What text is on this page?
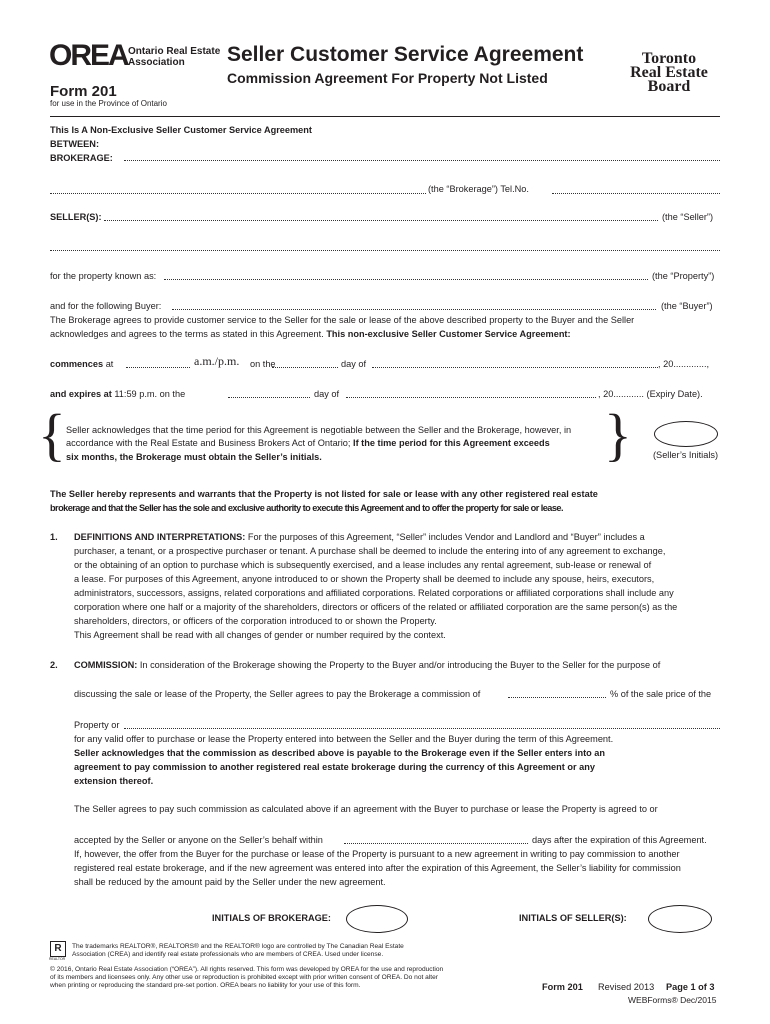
OREA Ontario Real Estate
Association
Form 201
for use in the Province of Ontario
Seller Customer Service Agreement
Commission Agreement For Property Not Listed
Toronto
Real Estate
Board
This Is A Non-Exclusive Seller Customer Service Agreement
BETWEEN:
BROKERAGE:
(the “Brokerage”) Tel.No.
SELLER(S):	(the “Seller”)
for the property known as:	(the “Property”)
and for the following Buyer:	(the “Buyer”)
The Brokerage agrees to provide customer service to the Seller for the sale or lease of the above described property to the Buyer and the Seller
acknowledges and agrees to the terms as stated in this Agreement. This non-exclusive Seller Customer Service Agreement:
commences at	a.m./p.m. on the	day of	, 20.............,
and expires at 11:59 p.m. on the	day of	, 20............ (Expiry Date).
{	}
Seller acknowledges that the time period for this Agreement is negotiable between the Seller and the Brokerage, however, in
accordance with the Real Estate and Business Brokers Act of Ontario; If the time period for this Agreement exceeds
six months, the Brokerage must obtain the Seller’s initials.	(Seller’s Initials)
The Seller hereby represents and warrants that the Property is not listed for sale or lease with any other registered real estate
brokerage and that the Seller has the sole and exclusive authority to execute this Agreement and to offer the property for sale or lease.
1. DEFINITIONS AND INTERPRETATIONS: For the purposes of this Agreement, “Seller” includes Vendor and Landlord and “Buyer” includes a
purchaser, a tenant, or a prospective purchaser or tenant. A purchase shall be deemed to include the entering into of any agreement to exchange,
or the obtaining of an option to purchase which is subsequently exercised, and a lease includes any rental agreement, sub-lease or renewal of
a lease. For purposes of this Agreement, anyone introduced to or shown the Property shall be deemed to include any spouse, heirs, executors,
administrators, successors, assigns, related corporations and affiliated corporations. Related corporations or affiliated corporations shall include any
corporation where one half or a majority of the shareholders, directors or officers of the related or affiliated corporation are the same person(s) as the
shareholders, directors, or officers of the corporation introduced to or shown the Property.
This Agreement shall be read with all changes of gender or number required by the context.
2. COMMISSION: In consideration of the Brokerage showing the Property to the Buyer and/or introducing the Buyer to the Seller for the purpose of
discussing the sale or lease of the Property, the Seller agrees to pay the Brokerage a commission of	% of the sale price of the
Property or
for any valid offer to purchase or lease the Property entered into between the Seller and the Buyer during the term of this Agreement.
Seller acknowledges that the commission as described above is payable to the Brokerage even if the Seller enters into an
agreement to pay commission to another registered real estate brokerage during the currency of this Agreement or any
extension thereof.
The Seller agrees to pay such commission as calculated above if an agreement with the Buyer to purchase or lease the Property is agreed to or
accepted by the Seller or anyone on the Seller’s behalf within	days after the expiration of this Agreement.
If, however, the offer from the Buyer for the purchase or lease of the Property is pursuant to a new agreement in writing to pay commission to another
registered real estate brokerage, and if the new agreement was entered into after the expiration of this Agreement, the Seller’s liability for commission
shall be reduced by the amount paid by the Seller under the new agreement.
INITIALS OF BROKERAGE:	INITIALS OF SELLER(S):
R
REALTOR
The trademarks REALTOR®, REALTORS® and the REALTOR® logo are controlled by The Canadian Real Estate
Association (CREA) and identify real estate professionals who are members of CREA. Used under license.
© 2016, Ontario Real Estate Association (“OREA”). All rights reserved. This form was developed by OREA for the use and reproduction
of its members and licensees only. Any other use or reproduction is prohibited except with prior written consent of OREA. Do not alter
when printing or reproducing the standard pre-set portion. OREA bears no liability for your use of this form.	Form 201 Revised 2013 Page 1 of 3
WEBForms® Dec/2015
